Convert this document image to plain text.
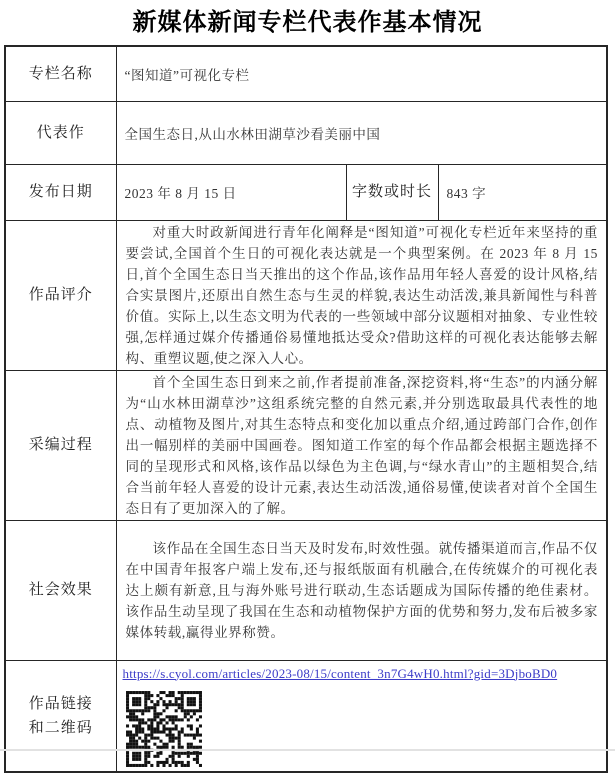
新媒体新闻专栏代表作基本情况
专栏名称	“图知道”可视化专栏		
代表作	全国生态日,从山水林田湖草沙看美丽中国		
发布日期	2023 年 8 月 15 日	字数或时长	843 字
作品评介	对重大时政新闻进行青年化阐释是“图知道”可视化专栏近年来坚持的重要尝试,全国首个生日的可视化表达就是一个典型案例。在 2023 年 8 月 15 日,首个全国生态日当天推出的这个作品,该作品用年轻人喜爱的设计风格,结合实景图片,还原出自然生态与生灵的样貌,表达生动活泼,兼具新闻性与科普价值。实际上,以生态文明为代表的一些领域中部分议题相对抽象、专业性较强,怎样通过媒介传播通俗易懂地抵达受众?借助这样的可视化表达能够去解构、重塑议题,使之深入人心。		

采编过程	首个全国生态日到来之前,作者提前准备,深挖资料,将“生态”的内涵分解为“山水林田湖草沙”这组系统完整的自然元素,并分别选取最具代表性的地点、动植物及图片,对其生态特点和变化加以重点介绍,通过跨部门合作,创作出一幅别样的美丽中国画卷。图知道工作室的每个作品都会根据主题选择不同的呈现形式和风格,该作品以绿色为主色调,与“绿水青山”的主题相契合,结合当前年轻人喜爱的设计元素,表达生动活泼,通俗易懂,使读者对首个全国生态日有了更加深入的了解。		

社会效果	该作品在全国生态日当天及时发布,时效性强。就传播渠道而言,作品不仅在中国青年报客户端上发布,还与报纸版面有机融合,在传统媒介的可视化表达上颇有新意,且与海外账号进行联动,生态话题成为国际传播的绝佳素材。该作品生动呈现了我国在生态和动植物保护方面的优势和努力,发布后被多家媒体转载,赢得业界称赞。		

作品链接
和二维码	https://s.cyol.com/articles/2023-08/15/content_3n7G4wH0.html?gid=3DjboBD0		
